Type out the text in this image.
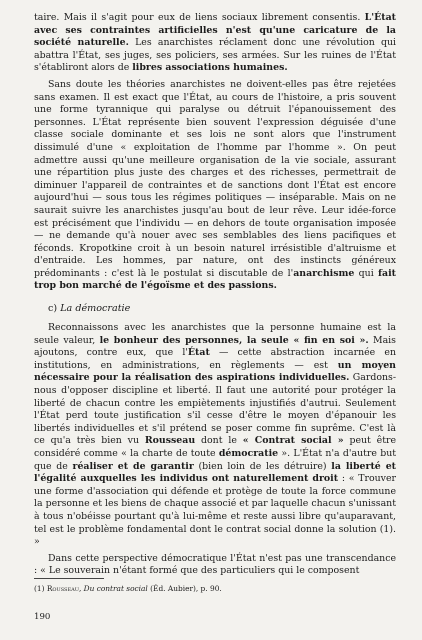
taire. Mais il s'agit pour eux de liens sociaux librement consentis. L'État avec ses contraintes artificielles n'est qu'une caricature de la société naturelle. Les anarchistes réclament donc une révolution qui abattra l'État, ses juges, ses policiers, ses armées. Sur les ruines de l'État s'établiront alors de libres associations humaines.

Sans doute les théories anarchistes ne doivent-elles pas être rejetées sans examen. Il est exact que l'État, au cours de l'histoire, a pris souvent une forme tyrannique qui paralyse ou détruit l'épanouissement des personnes. L'État représente bien souvent l'expression déguisée d'une classe sociale dominante et ses lois ne sont alors que l'instrument dissimulé d'une « exploitation de l'homme par l'homme ». On peut admettre aussi qu'une meilleure organisation de la vie sociale, assurant une répartition plus juste des charges et des richesses, permettrait de diminuer l'appareil de contraintes et de sanctions dont l'État est encore aujourd'hui — sous tous les régimes politiques — inséparable. Mais on ne saurait suivre les anarchistes jusqu'au bout de leur rêve. Leur idée-force est précisément que l'individu — en dehors de toute organisation imposée — ne demande qu'à nouer avec ses semblables des liens pacifiques et féconds. Kropotkine croit à un besoin naturel irrésistible d'altruisme et d'entraide. Les hommes, par nature, ont des instincts généreux prédominants : c'est là le postulat si discutable de l'anarchisme qui fait trop bon marché de l'égoïsme et des passions.

c) La démocratie

Reconnaissons avec les anarchistes que la personne humaine est la seule valeur, le bonheur des personnes, la seule « fin en soi ». Mais ajoutons, contre eux, que l'État — cette abstraction incarnée en institutions, en administrations, en règlements — est un moyen nécessaire pour la réalisation des aspirations individuelles. Gardons-nous d'opposer discipline et liberté. Il faut une autorité pour protéger la liberté de chacun contre les empiètements injustifiés d'autrui. Seulement l'État perd toute justification s'il cesse d'être le moyen d'épanouir les libertés individuelles et s'il prétend se poser comme fin suprême. C'est là ce qu'a très bien vu Rousseau dont le « Contrat social » peut être considéré comme « la charte de toute démocratie ». L'État n'a d'autre but que de réaliser et de garantir (bien loin de les détruire) la liberté et l'égalité auxquelles les individus ont naturellement droit : « Trouver une forme d'association qui défende et protège de toute la force commune la personne et les biens de chaque associé et par laquelle chacun s'unissant à tous n'obéisse pourtant qu'à lui-même et reste aussi libre qu'auparavant, tel est le problème fondamental dont le contrat social donne la solution (1). »

Dans cette perspective démocratique l'État n'est pas une transcendance : « Le souverain n'étant formé que des particuliers qui le composent

(1) Rousseau, Du contrat social (Éd. Aubier), p. 90.
190
